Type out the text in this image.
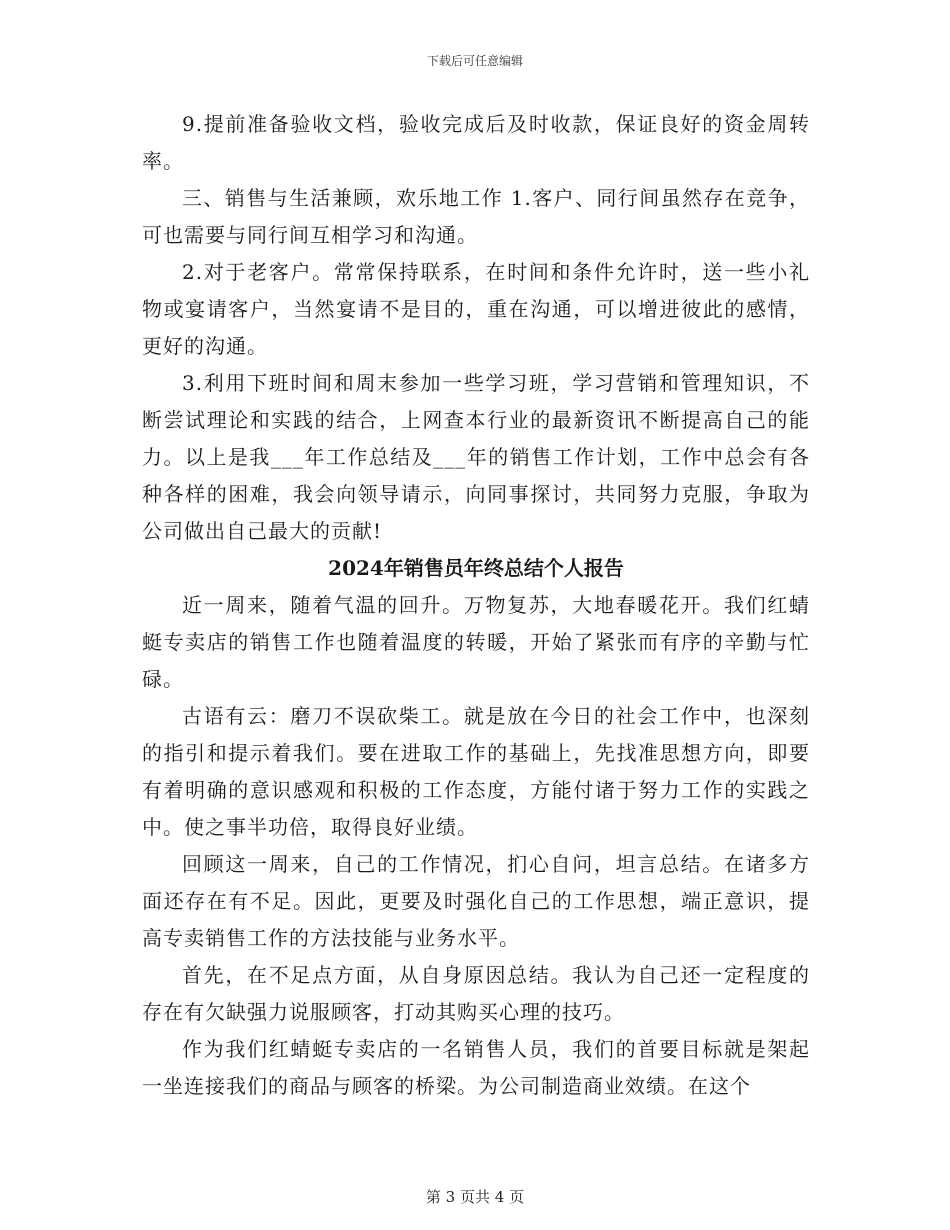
下载后可任意编辑

9.提前准备验收文档，验收完成后及时收款，保证良好的资金周转率。

三、销售与生活兼顾，欢乐地工作 1.客户、同行间虽然存在竞争，可也需要与同行间互相学习和沟通。

2.对于老客户。常常保持联系，在时间和条件允许时，送一些小礼物或宴请客户，当然宴请不是目的，重在沟通，可以增进彼此的感情，更好的沟通。

3.利用下班时间和周末参加一些学习班，学习营销和管理知识，不断尝试理论和实践的结合，上网查本行业的最新资讯不断提高自己的能力。以上是我___年工作总结及___年的销售工作计划，工作中总会有各种各样的困难，我会向领导请示，向同事探讨，共同努力克服，争取为公司做出自己最大的贡献!

2024年销售员年终总结个人报告

近一周来，随着气温的回升。万物复苏，大地春暖花开。我们红蜻蜓专卖店的销售工作也随着温度的转暖，开始了紧张而有序的辛勤与忙碌。

古语有云：磨刀不误砍柴工。就是放在今日的社会工作中，也深刻的指引和提示着我们。要在进取工作的基础上，先找准思想方向，即要有着明确的意识感观和积极的工作态度，方能付诸于努力工作的实践之中。使之事半功倍，取得良好业绩。

回顾这一周来，自己的工作情况，扪心自问，坦言总结。在诸多方面还存在有不足。因此，更要及时强化自己的工作思想，端正意识，提高专卖销售工作的方法技能与业务水平。

首先，在不足点方面，从自身原因总结。我认为自己还一定程度的存在有欠缺强力说服顾客，打动其购买心理的技巧。

作为我们红蜻蜓专卖店的一名销售人员，我们的首要目标就是架起一坐连接我们的商品与顾客的桥梁。为公司制造商业效绩。在这个

第 3 页共 4 页
